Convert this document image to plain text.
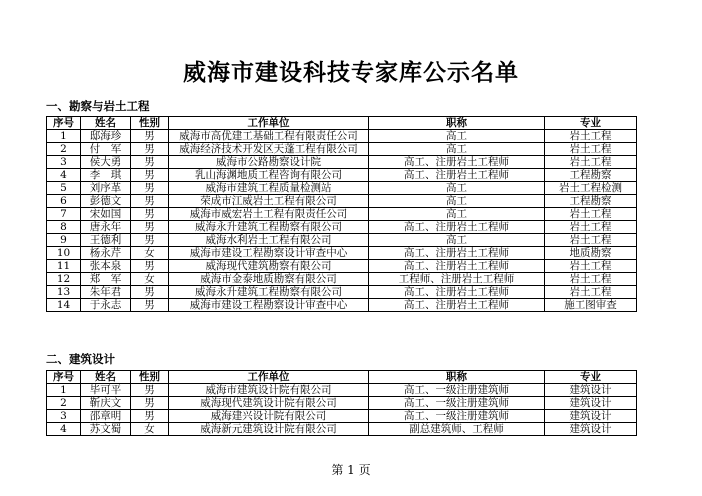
威海市建设科技专家库公示名单
一、勘察与岩土工程
序号	姓名	性别	工作单位	职称	专业
1	邸海珍	男	威海市高优建工基础工程有限责任公司	高工	岩土工程
2	付　军	男	威海经济技术开发区天蓬工程有限公司	高工	岩土工程
3	侯大勇	男	威海市公路勘察设计院	高工、注册岩土工程师	岩土工程
4	李　琪	男	乳山海渊地质工程咨询有限公司	高工、注册岩土工程师	工程勘察
5	刘序革	男	威海市建筑工程质量检测站	高工	岩土工程检测
6	彭德文	男	荣成市江威岩土工程有限公司	高工	工程勘察
7	宋如国	男	威海市威宏岩土工程有限责任公司	高工	岩土工程
8	唐永年	男	威海永升建筑工程勘察有限公司	高工、注册岩土工程师	岩土工程
9	王德利	男	威海水利岩土工程有限公司	高工	岩土工程
10	杨永芹	女	威海市建设工程勘察设计审查中心	高工、注册岩土工程师	地质勘察
11	张本泉	男	威海现代建筑勘察有限公司	高工、注册岩土工程师	岩土工程
12	郑　军	女	威海市金泰地质勘察有限公司	工程师、注册岩土工程师	岩土工程
13	朱年君	男	威海永升建筑工程勘察有限公司	高工、注册岩土工程师	岩土工程
14	于永志	男	威海市建设工程勘察设计审查中心	高工、注册岩土工程师	施工图审查
二、建筑设计
序号	姓名	性别	工作单位	职称	专业
1	毕可平	男	威海市建筑设计院有限公司	高工、一级注册建筑师	建筑设计
2	靳庆文	男	威海现代建筑设计院有限公司	高工、一级注册建筑师	建筑设计
3	邵章明	男	威海建兴设计院有限公司	高工、一级注册建筑师	建筑设计
4	苏文蜀	女	威海新元建筑设计院有限公司	副总建筑师、工程师	建筑设计
第 1 页
